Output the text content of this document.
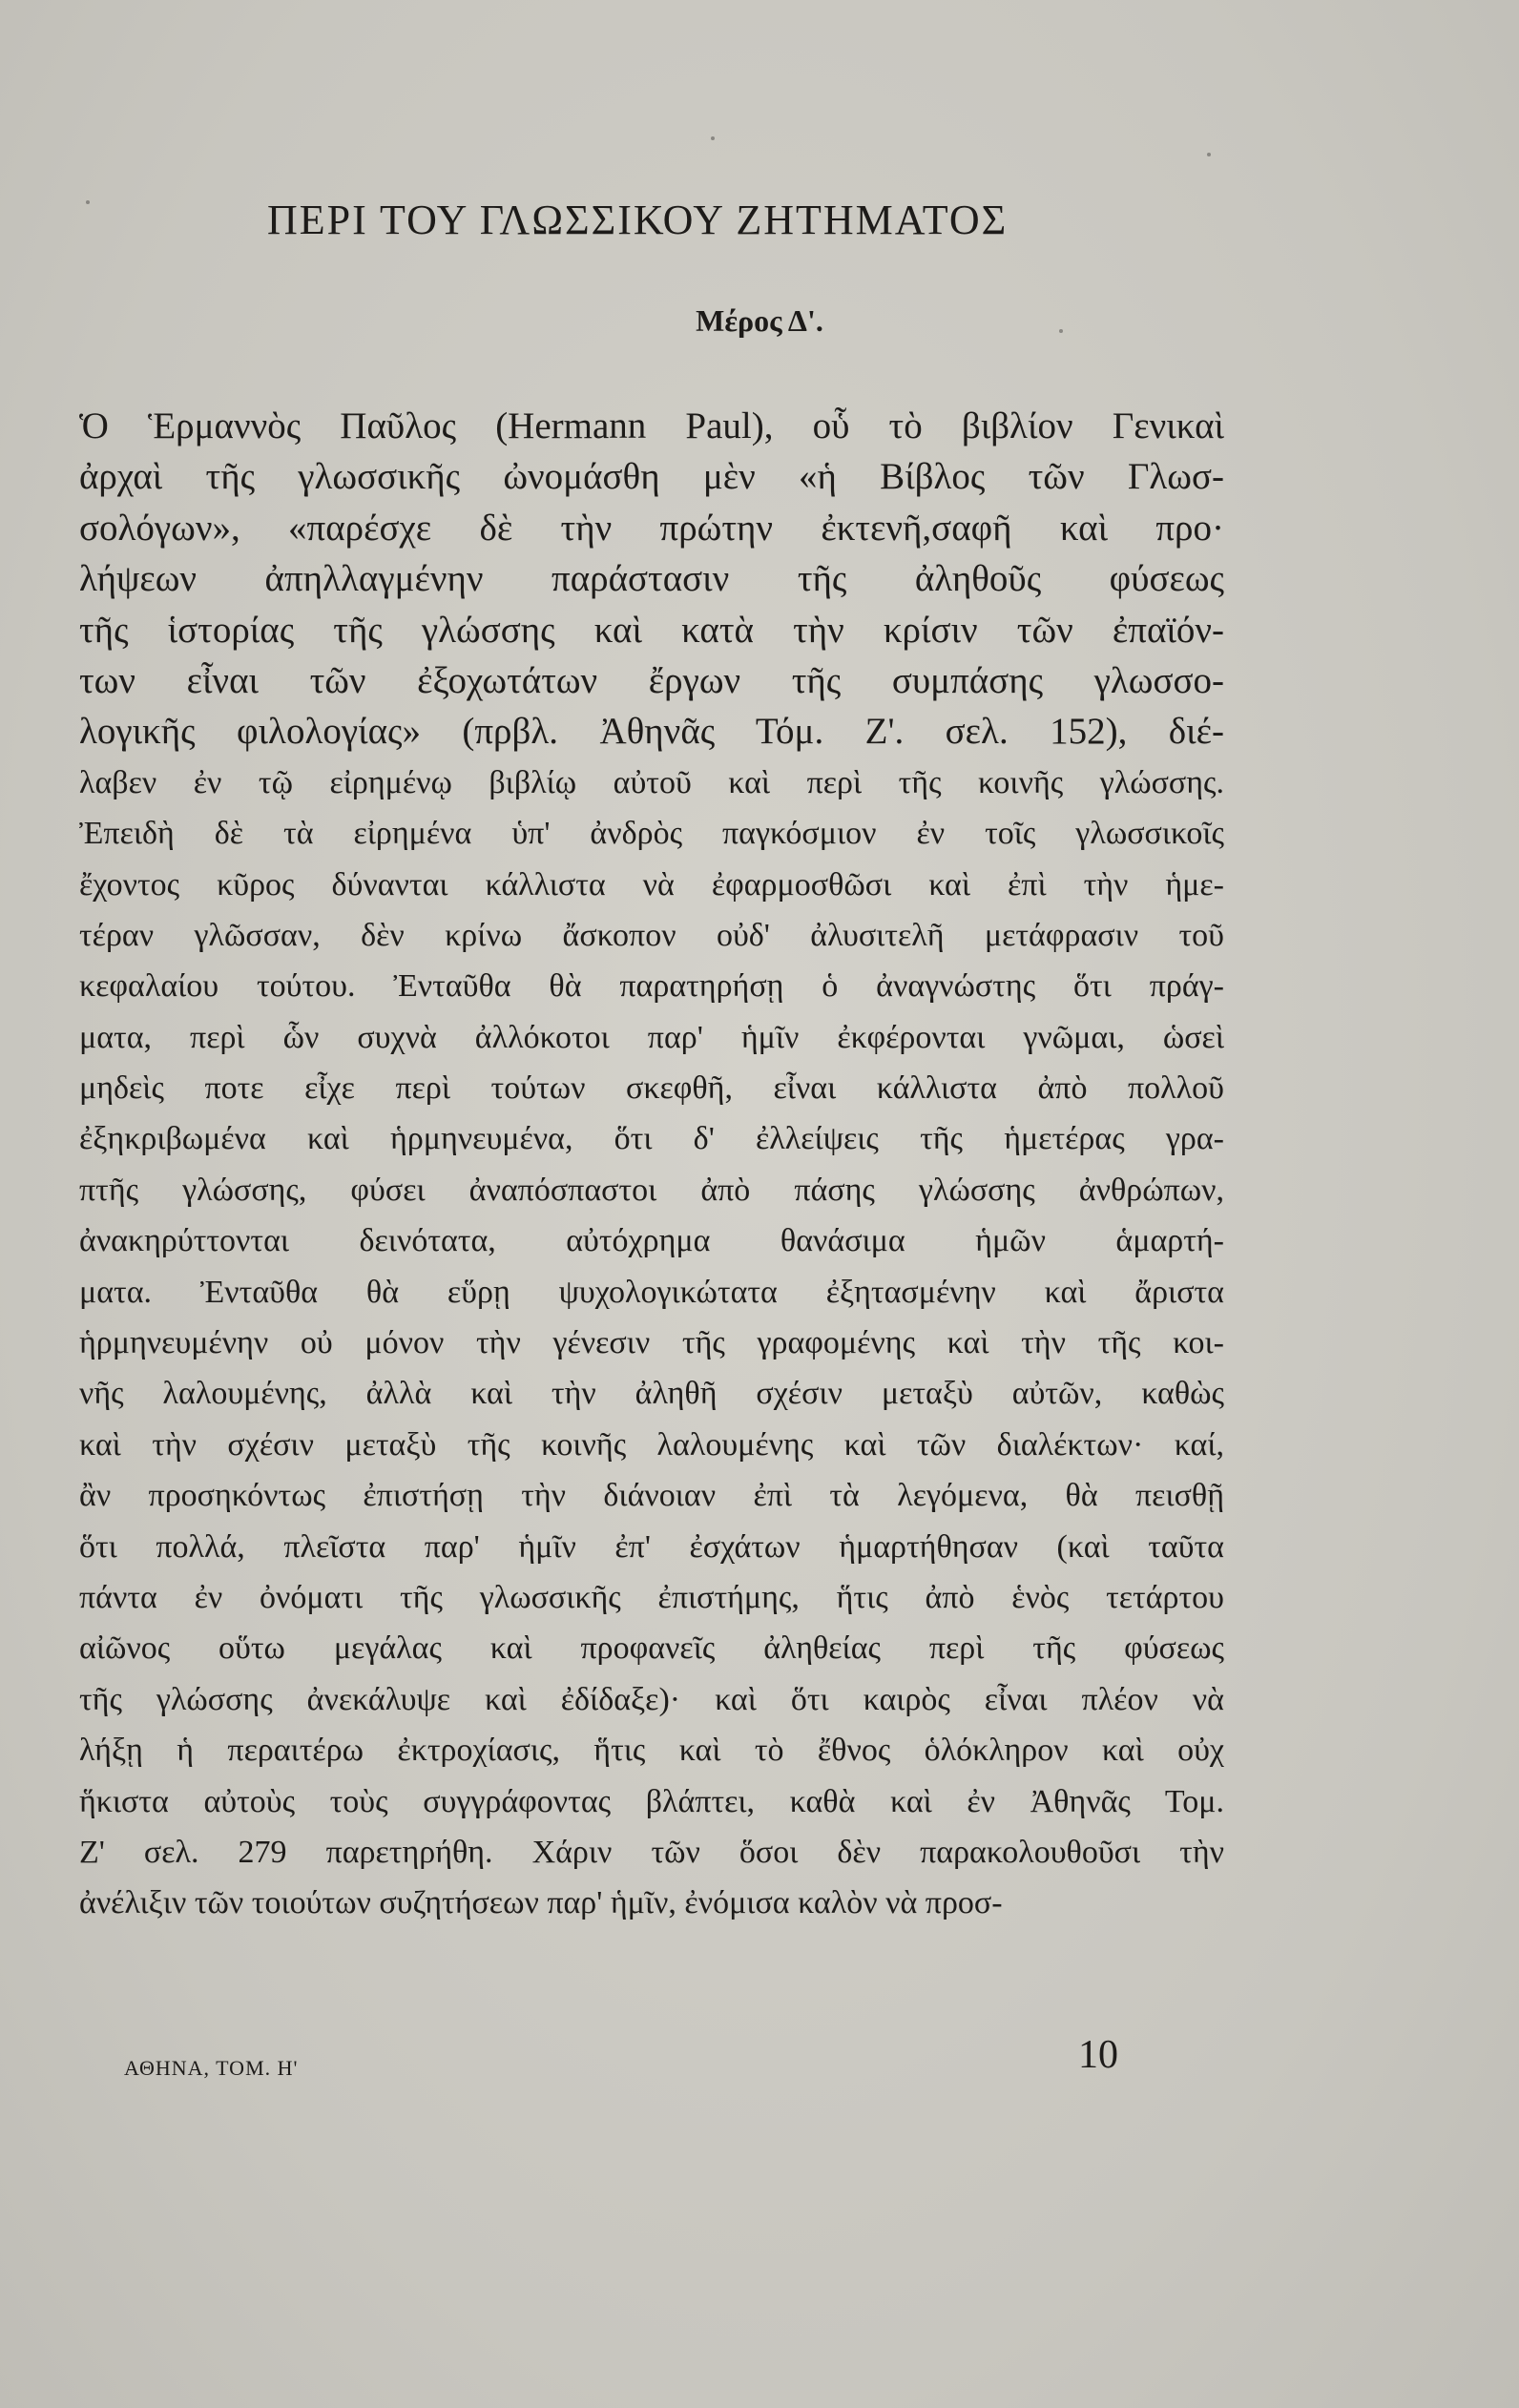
ΠΕΡΙ ΤΟΥ ΓΛΩΣΣΙΚΟΥ ΖΗΤΗΜΑΤΟΣ
Μέρος Δ'.
Ὁ Ἑρμαννὸς Παῦλος (Hermann Paul), οὗ τὸ βιβλίον Γενικαὶ
ἀρχαὶ τῆς γλωσσικῆς ὠνομάσθη μὲν «ἡ Βίβλος τῶν Γλωσ-
σολόγων», «παρέσχε δὲ τὴν πρώτην ἐκτενῆ,σαφῆ καὶ προ·
λήψεων ἀπηλλαγμένην παράστασιν τῆς ἀληθοῦς φύσεως
τῆς ἱστορίας τῆς γλώσσης καὶ κατὰ τὴν κρίσιν τῶν ἐπαϊόν-
των εἶναι τῶν ἐξοχωτάτων ἔργων τῆς συμπάσης γλωσσο-
λογικῆς φιλολογίας» (πρβλ. Ἀθηνᾶς Τόμ. Ζ'. σελ. 152), διέ-
λαβεν ἐν τῷ εἰρημένῳ βιβλίῳ αὐτοῦ καὶ περὶ τῆς κοινῆς γλώσσης.
Ἐπειδὴ δὲ τὰ εἰρημένα ὑπ' ἀνδρὸς παγκόσμιον ἐν τοῖς γλωσσικοῖς
ἔχοντος κῦρος δύνανται κάλλιστα νὰ ἐφαρμοσθῶσι καὶ ἐπὶ τὴν ἡμε-
τέραν γλῶσσαν, δὲν κρίνω ἄσκοπον οὐδ' ἀλυσιτελῆ μετάφρασιν τοῦ
κεφαλαίου τούτου. Ἐνταῦθα θὰ παρατηρήσῃ ὁ ἀναγνώστης ὅτι πράγ-
ματα, περὶ ὧν συχνὰ ἀλλόκοτοι παρ' ἡμῖν ἐκφέρονται γνῶμαι, ὡσεὶ
μηδεὶς ποτε εἶχε περὶ τούτων σκεφθῆ, εἶναι κάλλιστα ἀπὸ πολλοῦ
ἐξηκριβωμένα καὶ ἡρμηνευμένα, ὅτι δ' ἐλλείψεις τῆς ἡμετέρας γρα-
πτῆς γλώσσης, φύσει ἀναπόσπαστοι ἀπὸ πάσης γλώσσης ἀνθρώπων,
ἀνακηρύττονται δεινότατα, αὐτόχρημα θανάσιμα ἡμῶν ἁμαρτή-
ματα. Ἐνταῦθα θὰ εὕρῃ ψυχολογικώτατα ἐξητασμένην καὶ ἄριστα
ἡρμηνευμένην οὐ μόνον τὴν γένεσιν τῆς γραφομένης καὶ τὴν τῆς κοι-
νῆς λαλουμένης, ἀλλὰ καὶ τὴν ἀληθῆ σχέσιν μεταξὺ αὐτῶν, καθὼς
καὶ τὴν σχέσιν μεταξὺ τῆς κοινῆς λαλουμένης καὶ τῶν διαλέκτων· καί,
ἂν προσηκόντως ἐπιστήσῃ τὴν διάνοιαν ἐπὶ τὰ λεγόμενα, θὰ πεισθῇ
ὅτι πολλά, πλεῖστα παρ' ἡμῖν ἐπ' ἐσχάτων ἡμαρτήθησαν (καὶ ταῦτα
πάντα ἐν ὀνόματι τῆς γλωσσικῆς ἐπιστήμης, ἥτις ἀπὸ ἑνὸς τετάρτου
αἰῶνος οὕτω μεγάλας καὶ προφανεῖς ἀληθείας περὶ τῆς φύσεως
τῆς γλώσσης ἀνεκάλυψε καὶ ἐδίδαξε)· καὶ ὅτι καιρὸς εἶναι πλέον νὰ
λήξῃ ἡ περαιτέρω ἐκτροχίασις, ἥτις καὶ τὸ ἔθνος ὁλόκληρον καὶ οὐχ
ἥκιστα αὐτοὺς τοὺς συγγράφοντας βλάπτει, καθὰ καὶ ἐν Ἀθηνᾶς Τομ.
Ζ' σελ. 279 παρετηρήθη. Χάριν τῶν ὅσοι δὲν παρακολουθοῦσι τὴν
ἀνέλιξιν τῶν τοιούτων συζητήσεων παρ' ἡμῖν, ἐνόμισα καλὸν νὰ προσ-
ΑΘΗΝΑ, ΤΟΜ. Η'	10
